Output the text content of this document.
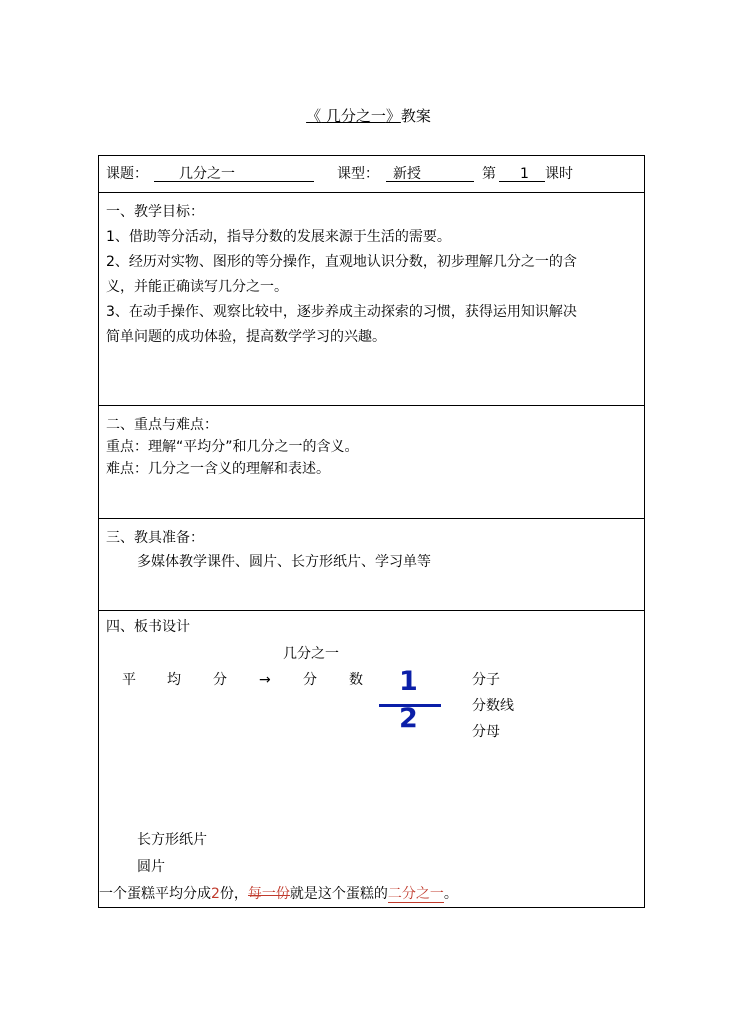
《 几分之一》教案
课题： 几分之一	课型： 新授	第 1 课时
一、教学目标：
1、借助等分活动，指导分数的发展来源于生活的需要。
2、经历对实物、图形的等分操作，直观地认识分数，初步理解几分之一的含
义，并能正确读写几分之一。
3、在动手操作、观察比较中，逐步养成主动探索的习惯，获得运用知识解决
简单问题的成功体验，提高数学学习的兴趣。
二、重点与难点：
重点：理解“平均分”和几分之一的含义。
难点：几分之一含义的理解和表述。
三、教具准备：
多媒体教学课件、圆片、长方形纸片、学习单等
四、板书设计
几分之一
平 均 分 → 分 数 1
2
分子
分数线
分母
长方形纸片
圆片
一个蛋糕平均分成2份，每一份就是这个蛋糕的二分之一。
